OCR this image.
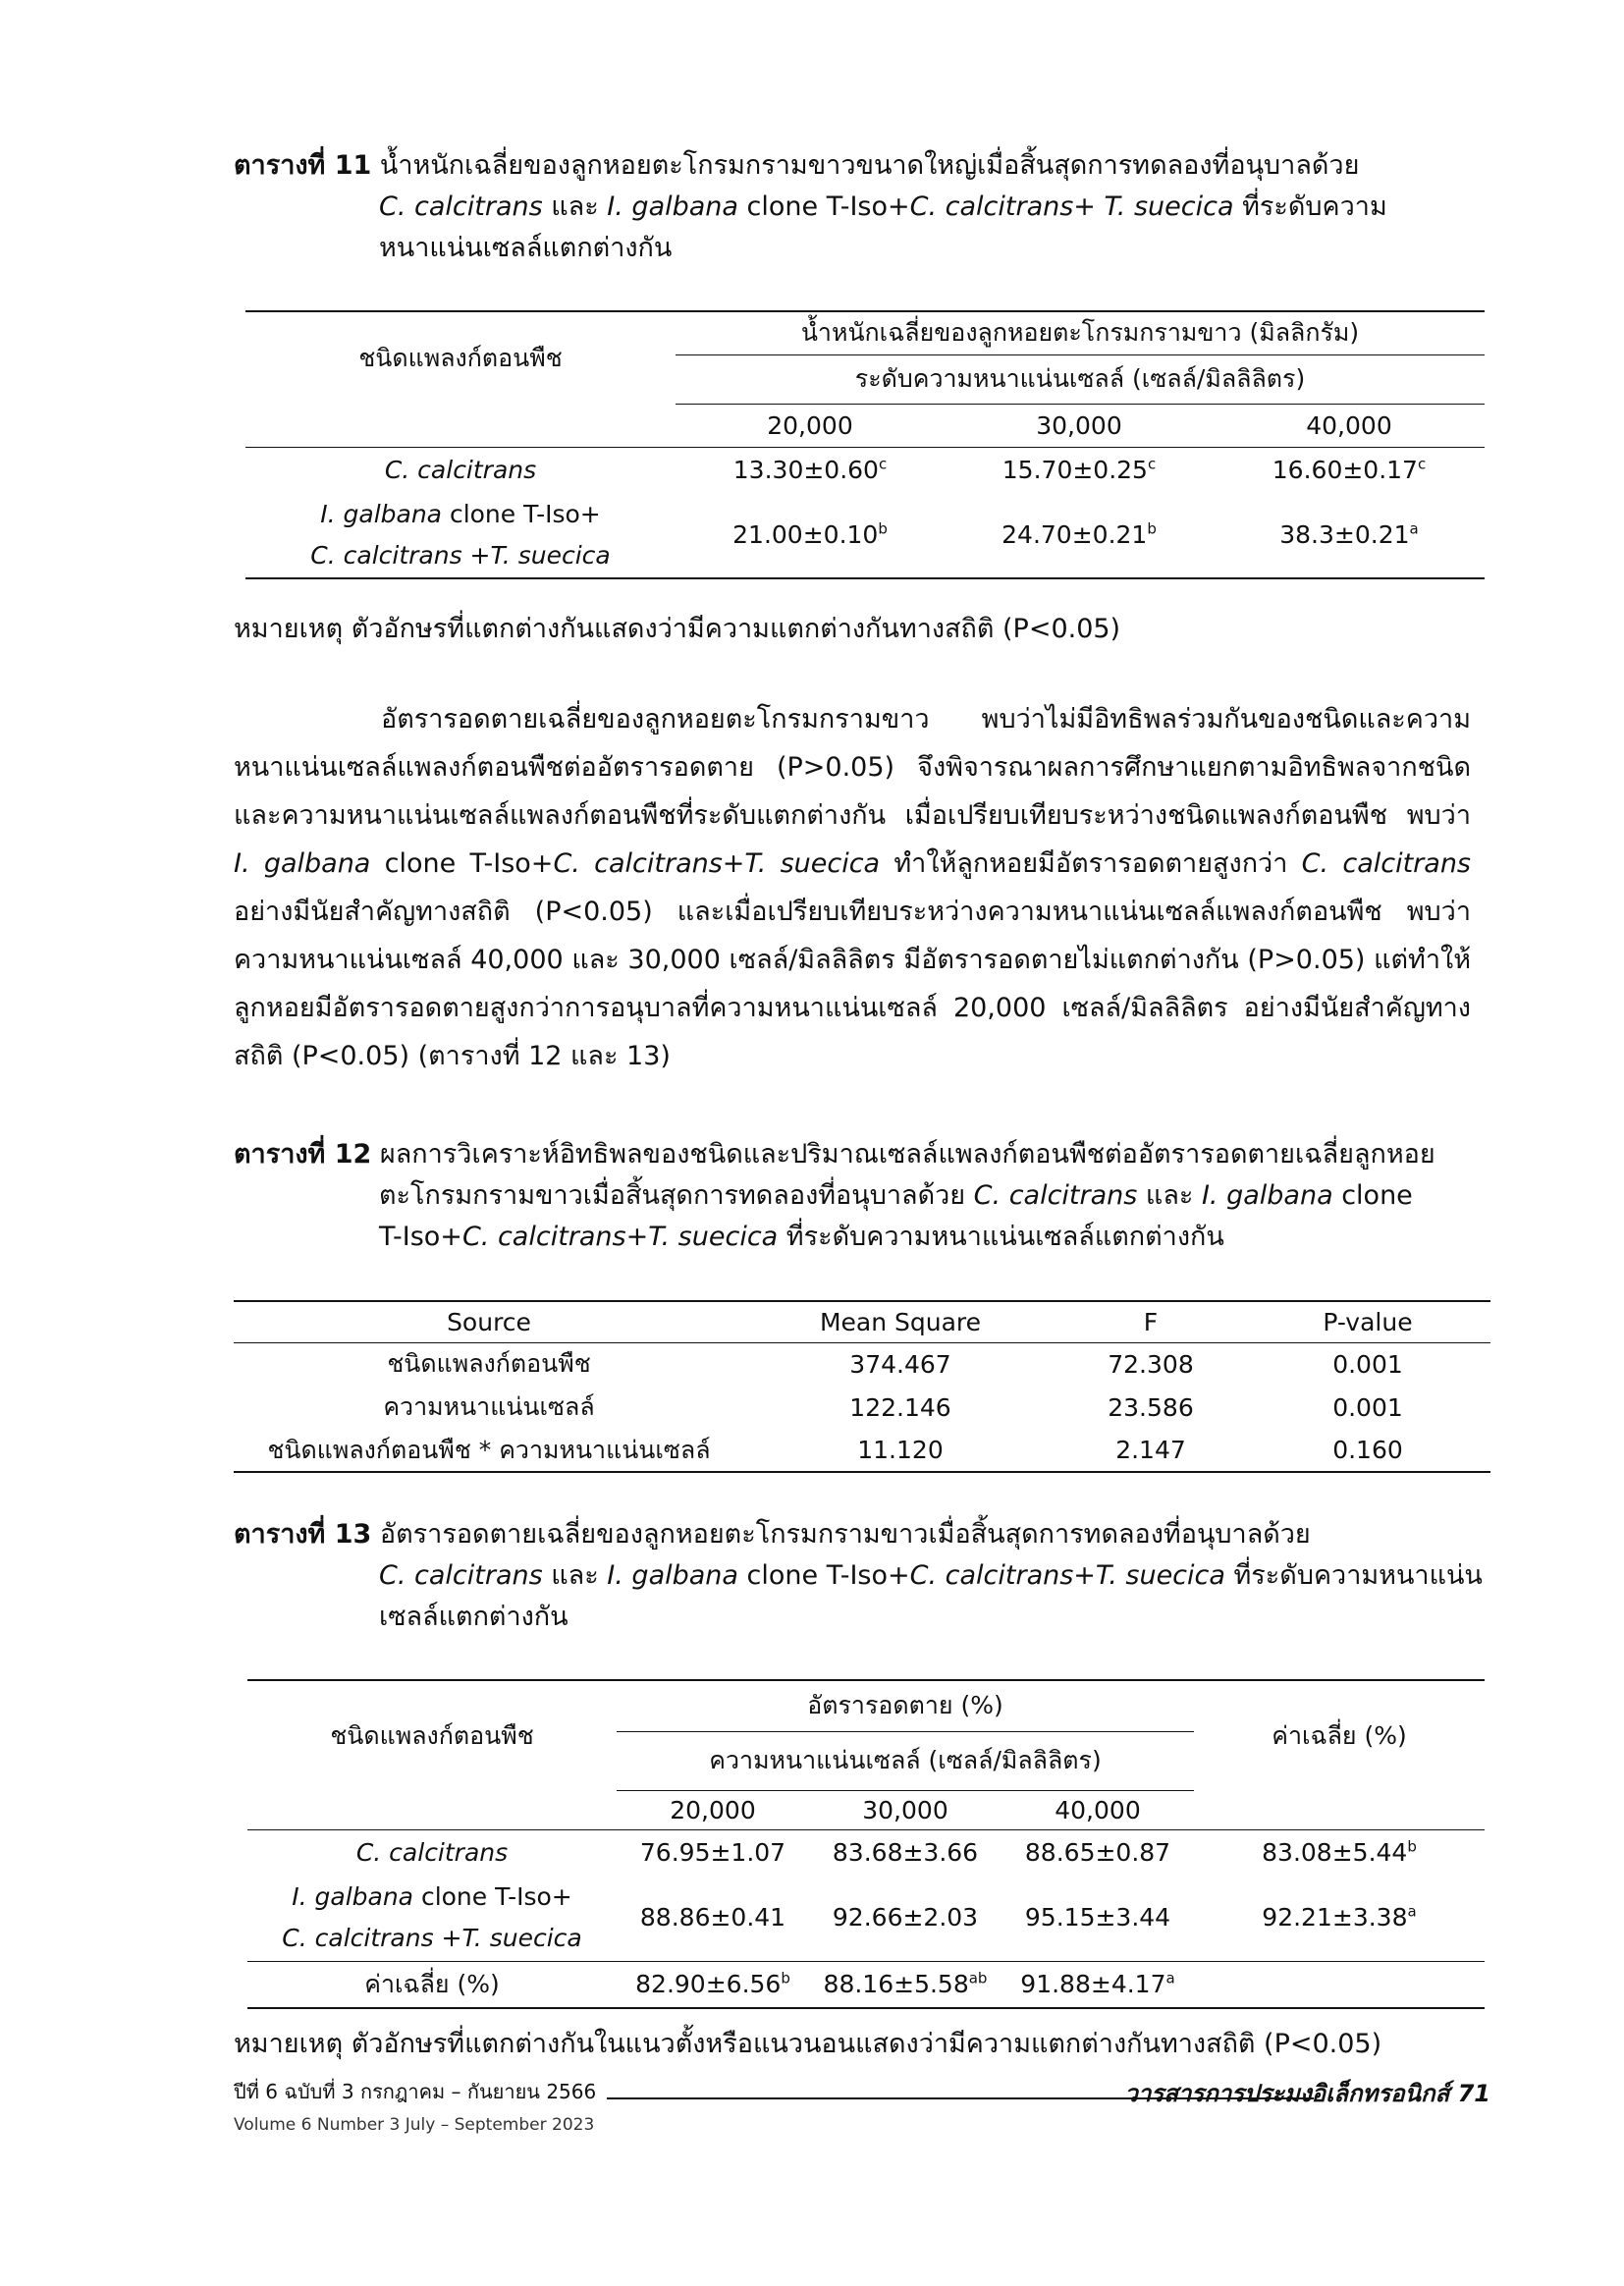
ตารางที่ 11 น้ำหนักเฉลี่ยของลูกหอยตะโกรมกรามขาวขนาดใหญ่เมื่อสิ้นสุดการทดลองที่อนุบาลด้วย
C. calcitrans และ I. galbana clone T-Iso+C. calcitrans+ T. suecica ที่ระดับความ
หนาแน่นเซลล์แตกต่างกัน
ชนิดแพลงก์ตอนพืช	น้ำหนักเฉลี่ยของลูกหอยตะโกรมกรามขาว (มิลลิกรัม)		
	ระดับความหนาแน่นเซลล์ (เซลล์/มิลลิลิตร)		
	20,000	30,000	40,000
C. calcitrans	13.30±0.60$^c$	15.70±0.25$^c$	16.60±0.17$^c$
I. galbana clone T-Iso+
C. calcitrans +T. suecica	21.00±0.10$^b$	24.70±0.21$^b$	38.3±0.21$^a$
หมายเหตุ ตัวอักษรที่แตกต่างกันแสดงว่ามีความแตกต่างกันทางสถิติ (P<0.05)
อัตรารอดตายเฉลี่ยของลูกหอยตะโกรมกรามขาว พบว่าไม่มีอิทธิพลร่วมกันของชนิดและความหนาแน่นเซลล์แพลงก์ตอนพืชต่ออัตรารอดตาย (P>0.05) จึงพิจารณาผลการศึกษาแยกตามอิทธิพลจากชนิดและความหนาแน่นเซลล์แพลงก์ตอนพืชที่ระดับแตกต่างกัน เมื่อเปรียบเทียบระหว่างชนิดแพลงก์ตอนพืช พบว่า I. galbana clone T-Iso+C. calcitrans+T. suecica ทำให้ลูกหอยมีอัตรารอดตายสูงกว่า C. calcitrans อย่างมีนัยสำคัญทางสถิติ (P<0.05) และเมื่อเปรียบเทียบระหว่างความหนาแน่นเซลล์แพลงก์ตอนพืช พบว่าความหนาแน่นเซลล์ 40,000 และ 30,000 เซลล์/มิลลิลิตร มีอัตรารอดตายไม่แตกต่างกัน (P>0.05) แต่ทำให้ลูกหอยมีอัตรารอดตายสูงกว่าการอนุบาลที่ความหนาแน่นเซลล์ 20,000 เซลล์/มิลลิลิตร อย่างมีนัยสำคัญทางสถิติ (P<0.05) (ตารางที่ 12 และ 13)
ตารางที่ 12 ผลการวิเคราะห์อิทธิพลของชนิดและปริมาณเซลล์แพลงก์ตอนพืชต่ออัตรารอดตายเฉลี่ยลูกหอย
ตะโกรมกรามขาวเมื่อสิ้นสุดการทดลองที่อนุบาลด้วย C. calcitrans และ I. galbana clone
T-Iso+C. calcitrans+T. suecica ที่ระดับความหนาแน่นเซลล์แตกต่างกัน
Source	Mean Square	F	P-value
ชนิดแพลงก์ตอนพืช	374.467	72.308	0.001
ความหนาแน่นเซลล์	122.146	23.586	0.001
ชนิดแพลงก์ตอนพืช * ความหนาแน่นเซลล์	11.120	2.147	0.160
ตารางที่ 13 อัตรารอดตายเฉลี่ยของลูกหอยตะโกรมกรามขาวเมื่อสิ้นสุดการทดลองที่อนุบาลด้วย
C. calcitrans และ I. galbana clone T-Iso+C. calcitrans+T. suecica ที่ระดับความหนาแน่น
เซลล์แตกต่างกัน
ชนิดแพลงก์ตอนพืช	อัตรารอดตาย (%)			ค่าเฉลี่ย (%)
	ความหนาแน่นเซลล์ (เซลล์/มิลลิลิตร)			
	20,000	30,000	40,000	
C. calcitrans	76.95±1.07	83.68±3.66	88.65±0.87	83.08±5.44$^b$
I. galbana clone T-Iso+
C. calcitrans +T. suecica	88.86±0.41	92.66±2.03	95.15±3.44	92.21±3.38$^a$
ค่าเฉลี่ย (%)	82.90±6.56$^b$	88.16±5.58$^{ab}$	91.88±4.17$^a$	
หมายเหตุ ตัวอักษรที่แตกต่างกันในแนวตั้งหรือแนวนอนแสดงว่ามีความแตกต่างกันทางสถิติ (P<0.05)
ปีที่ 6 ฉบับที่ 3 กรกฎาคม – กันยายน 2566
Volume 6 Number 3 July – September 2023
วารสารการประมงอิเล็กทรอนิกส์ 71
